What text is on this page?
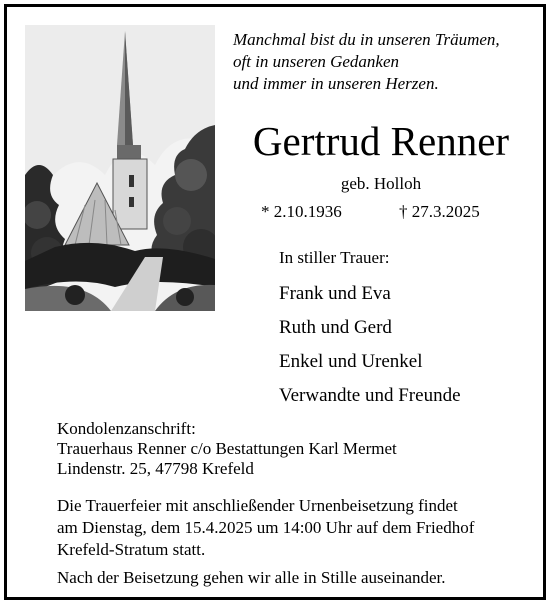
Manchmal bist du in unseren Träumen,
oft in unseren Gedanken
und immer in unseren Herzen.
Gertrud Renner
geb. Holloh
* 2.10.1936	† 27.3.2025
In stiller Trauer:
Frank und Eva
Ruth und Gerd
Enkel und Urenkel
Verwandte und Freunde
Kondolenzanschrift:
Trauerhaus Renner c/o Bestattungen Karl Mermet
Lindenstr. 25, 47798 Krefeld
Die Trauerfeier mit anschließender Urnenbeisetzung findet
am Dienstag, dem 15.4.2025 um 14:00 Uhr auf dem Friedhof
Krefeld-Stratum statt.
Nach der Beisetzung gehen wir alle in Stille auseinander.
